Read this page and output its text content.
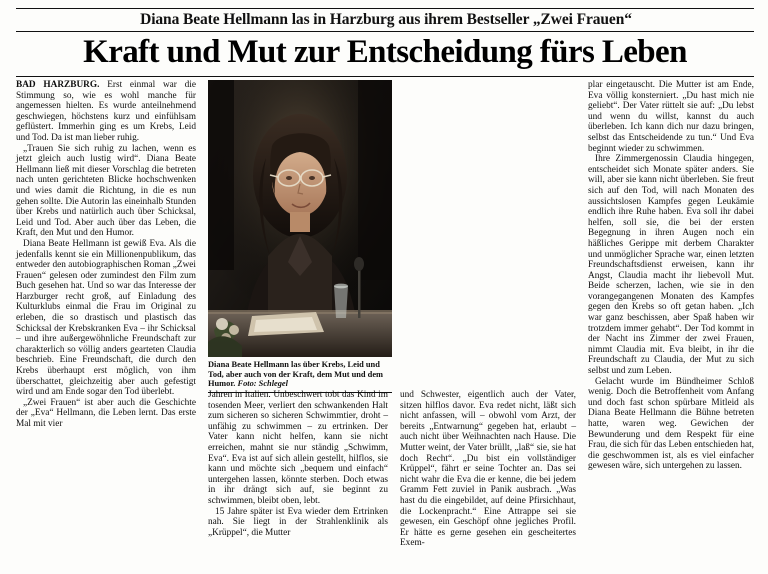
Diana Beate Hellmann las in Harzburg aus ihrem Bestseller „Zwei Frauen“
Kraft und Mut zur Entscheidung fürs Leben

BAD HARZBURG. Erst einmal war die Stimmung so, wie es wohl manche für angemessen hielten. Es wurde anteilnehmend geschwiegen, höchstens kurz und einfühlsam geflüstert. Immerhin ging es um Krebs, Leid und Tod. Da ist man lieber ruhig.

„Trauen Sie sich ruhig zu lachen, wenn es jetzt gleich auch lustig wird“. Diana Beate Hellmann ließ mit dieser Vorschlag die betreten nach unten gerichteten Blicke hochschwenken und wies damit die Richtung, in die es nun gehen sollte. Die Autorin las eineinhalb Stunden über Krebs und natürlich auch über Schicksal, Leid und Tod. Aber auch über das Leben, die Kraft, den Mut und den Humor.

Diana Beate Hellmann ist gewiß Eva. Als die jedenfalls kennt sie ein Millionenpublikum, das entweder den autobiographischen Roman „Zwei Frauen“ gelesen oder zumindest den Film zum Buch gesehen hat. Und so war das Interesse der Harzburger recht groß, auf Einladung des Kulturklubs einmal die Frau im Original zu erleben, die so drastisch und plastisch das Schicksal der Krebskranken Eva – ihr Schicksal – und ihre außergewöhnliche Freundschaft zur charakterlich so völlig anders gearteten Claudia beschrieb. Eine Freundschaft, die durch den Krebs überhaupt erst möglich, von ihm überschattet, gleichzeitig aber auch gefestigt wird und am Ende sogar den Tod überlebt.

„Zwei Frauen“ ist aber auch die Geschichte der „Eva“ Hellmann, die Leben lernt. Das erste Mal mit vier

Diana Beate Hellmann las über Krebs, Leid und Tod, aber auch von der Kraft, dem Mut und dem Humor. Foto: Schlegel

Jahren in Italien. Unbeschwert tobt das Kind im tosenden Meer, verliert den schwankenden Halt zum sicheren so sicheren Schwimmtier, droht – unfähig zu schwimmen – zu ertrinken. Der Vater kann nicht helfen, kann sie nicht erreichen, mahnt sie nur ständig „Schwimm, Eva“. Eva ist auf sich allein gestellt, hilflos, sie kann und möchte sich „bequem und einfach“ untergehen lassen, könnte sterben. Doch etwas in ihr drängt sich auf, sie beginnt zu schwimmen, bleibt oben, lebt.

15 Jahre später ist Eva wieder dem Ertrinken nah. Sie liegt in der Strahlenklinik als „Krüppel“, die Mutter

und Schwester, eigentlich auch der Vater, sitzen hilflos davor. Eva redet nicht, läßt sich nicht anfassen, will – obwohl vom Arzt, der bereits „Entwarnung“ gegeben hat, erlaubt – auch nicht über Weihnachten nach Hause. Die Mutter weint, der Vater brüllt, „laß“ sie, sie hat doch Recht“. „Du bist ein vollständiger Krüppel“, fährt er seine Tochter an. Das sei nicht wahr die Eva die er kenne, die bei jedem Gramm Fett zuviel in Panik ausbrach. „Was hast du die eingebildet, auf deine Pfirsichhaut, die Lockenpracht.“ Eine Attrappe sei sie gewesen, ein Geschöpf ohne jegliches Profil. Er hätte es gerne gesehen ein gescheitertes Exem-

plar eingetauscht. Die Mutter ist am Ende, Eva völlig konsterniert. „Du hast mich nie geliebt“. Der Vater rüttelt sie auf: „Du lebst und wenn du willst, kannst du auch überleben. Ich kann dich nur dazu bringen, selbst das Entscheidende zu tun.“ Und Eva beginnt wieder zu schwimmen.

Ihre Zimmergenossin Claudia hingegen, entscheidet sich Monate später anders. Sie will, aber sie kann nicht überleben. Sie freut sich auf den Tod, will nach Monaten des aussichtslosen Kampfes gegen Leukämie endlich ihre Ruhe haben. Eva soll ihr dabei helfen, soll sie, die bei der ersten Begegnung in ihren Augen noch ein häßliches Gerippe mit derbem Charakter und unmöglicher Sprache war, einen letzten Freundschaftsdienst erweisen, kann ihr Angst, Claudia macht ihr liebevoll Mut. Beide scherzen, lachen, wie sie in den vorangegangenen Monaten des Kampfes gegen den Krebs so oft getan haben. „Ich war ganz beschissen, aber Spaß haben wir trotzdem immer gehabt“. Der Tod kommt in der Nacht ins Zimmer der zwei Frauen, nimmt Claudia mit. Eva bleibt, in ihr die Freundschaft zu Claudia, der Mut zu sich selbst und zum Leben.

Gelacht wurde im Bündheimer Schloß wenig. Doch die Betroffenheit vom Anfang und doch fast schon spürbare Mitleid als Diana Beate Hellmann die Bühne betreten hatte, waren weg. Gewichen der Bewunderung und dem Respekt für eine Frau, die sich für das Leben entschieden hat, die geschwommen ist, als es viel einfacher gewesen wäre, sich untergehen zu lassen.
